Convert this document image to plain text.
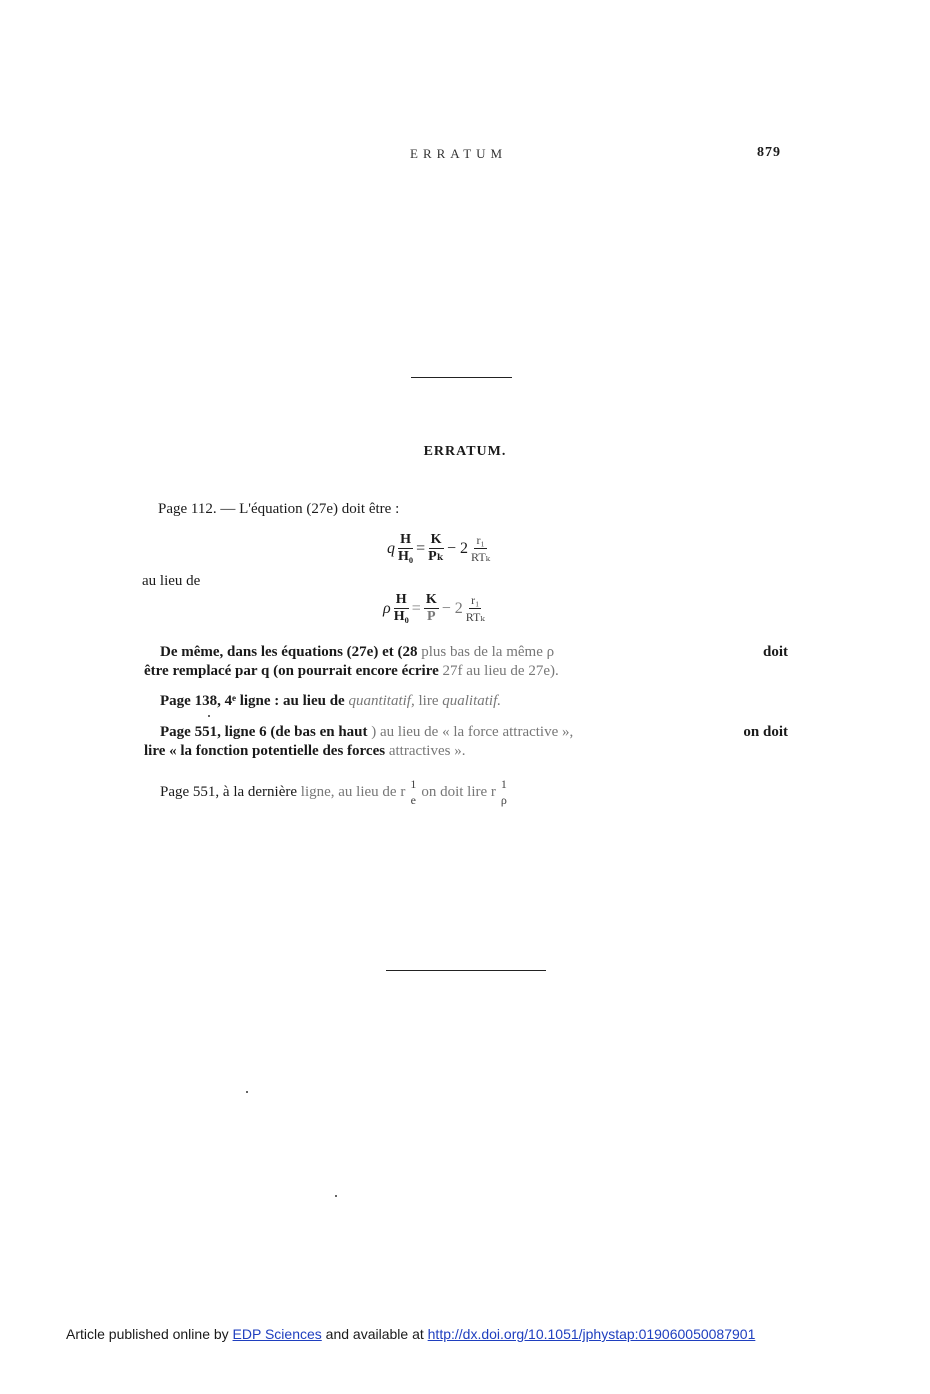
ERRATUM	879
ERRATUM.
Page 112. — L'équation (27e) doit être :
q $\frac{H}{\text{H₀}} = \frac{K}{\text{Pₖ}} - 2 \frac{\text{r₁}}{\text{RTₖ}}$
au lieu de
ρ $\frac{H}{\text{H₀}} = \frac{K}{P} - 2 \frac{\text{r₁}}{\text{RTₖ}}$
De même, dans les équations (27e) et (28 plus bas de la même ρ	doit
être remplacé par q (on pourrait encore écrire 27f au lieu de 27e).
Page 138, 4ᵉ ligne : au lieu de quantitatif, lire qualitatif.
Page 551, ligne 6 (de bas en haut ) au lieu de « la force attractive »,	on doit
lire « la fonction potentielle des forces attractives ».
Page 551, à la dernière
ligne, au lieu de r 1
e on doit lire r 1
ρ
Article published online by EDP Sciences and available at http://dx.doi.org/10.1051/jphystap:019060050087901
